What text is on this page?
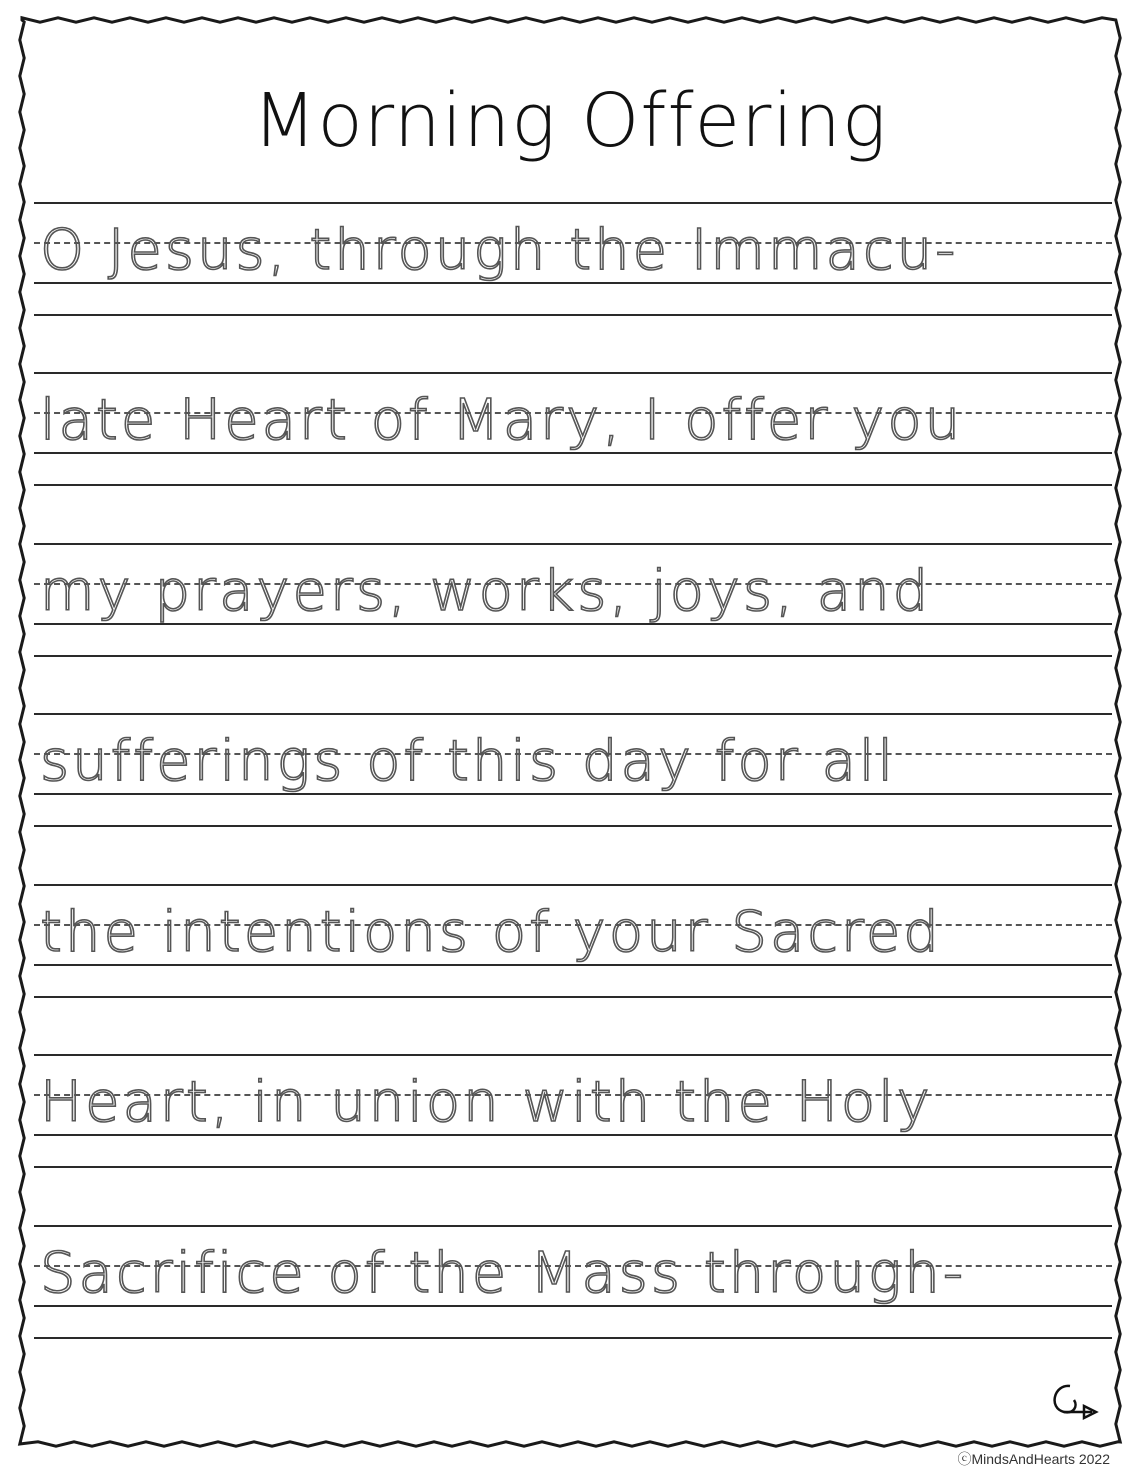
Morning Offering
O Jesus, through the Immacu-
late Heart of Mary, I offer you
my prayers, works, joys, and
sufferings of this day for all
the intentions of your Sacred
Heart, in union with the Holy
Sacrifice of the Mass through-
ⓒMindsAndHearts 2022
